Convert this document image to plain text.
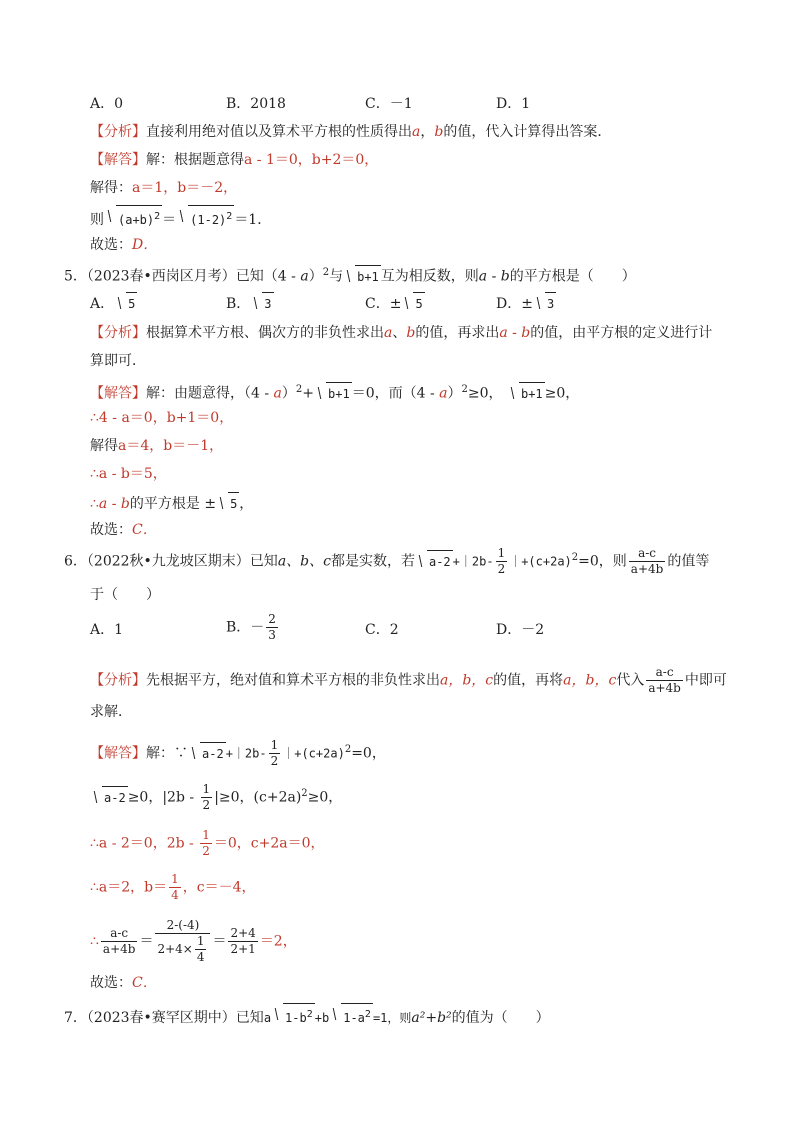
A．0	B．2018	C．－1	D．1
【分析】直接利用绝对值以及算术平方根的性质得出a，b的值，代入计算得出答案．
【解答】解：根据题意得a - 1＝0，b+2＝0，
解得：a＝1，b＝－2，
则 $(a+b)^2 = (1-2)^2 =1$．
故选：D．
5．（2023春•西岗区月考）已知（4 - a）$^2$与 b+1 互为相反数，则a - b的平方根是（　　）
A． 5	B． 3	C．± 5	D．± 3
【分析】根据算术平方根、偶次方的非负性求出a、b的值，再求出a - b的值，由平方根的定义进行计
算即可．
【解答】解：由题意得，（4 - a）$^2$+ b+1 ＝0，而（4 - a）$^2$≥0， b+1 ≥0，
∴4 - a＝0，b+1＝0，
解得a＝4，b＝－1，
∴a - b＝5，
∴a - b的平方根是 ± 5 ，
故选：C．
6．（2022秋•九龙坡区期末）已知a、b、c都是实数，若 a-2 +｜2b- $\frac{1}{2}$ $|+(c+2a)^2=0$，则 $\frac{a-c}{a+4b}$ 的值等
于（　　）
A．1	B．－ $\frac{2}{3}$	C．2	D．－2
【分析】先根据平方，绝对值和算术平方根的非负性求出a，b，c的值，再将a，b，c代入 $\frac{a-c}{a+4b}$ 中即可
求解．
【解答】解：∵ a-2 +｜2b- $\frac{1}{2}$ $|+(c+2a)^2=0$，
a-2 ≥0，$|2b - \frac{1}{2} |\ge 0$，$(c+2a)^2\ge 0$，
∴a - 2＝0，$2b - \frac{1}{2} =0$，c+2a＝0，
∴a＝2，$b= \frac{1}{4}$ ，c＝－4，
∴ $\frac{a-c}{a+4b} = \frac{2-(-4)}{2+4\times \frac{1}{4}} = \frac{2+4}{2+1} =2$，
故选：C．
7．（2023春•赛罕区期中）已知a $1-b^2 +b$ $1-a^2 =1$，则a²+b²的值为（　　）
